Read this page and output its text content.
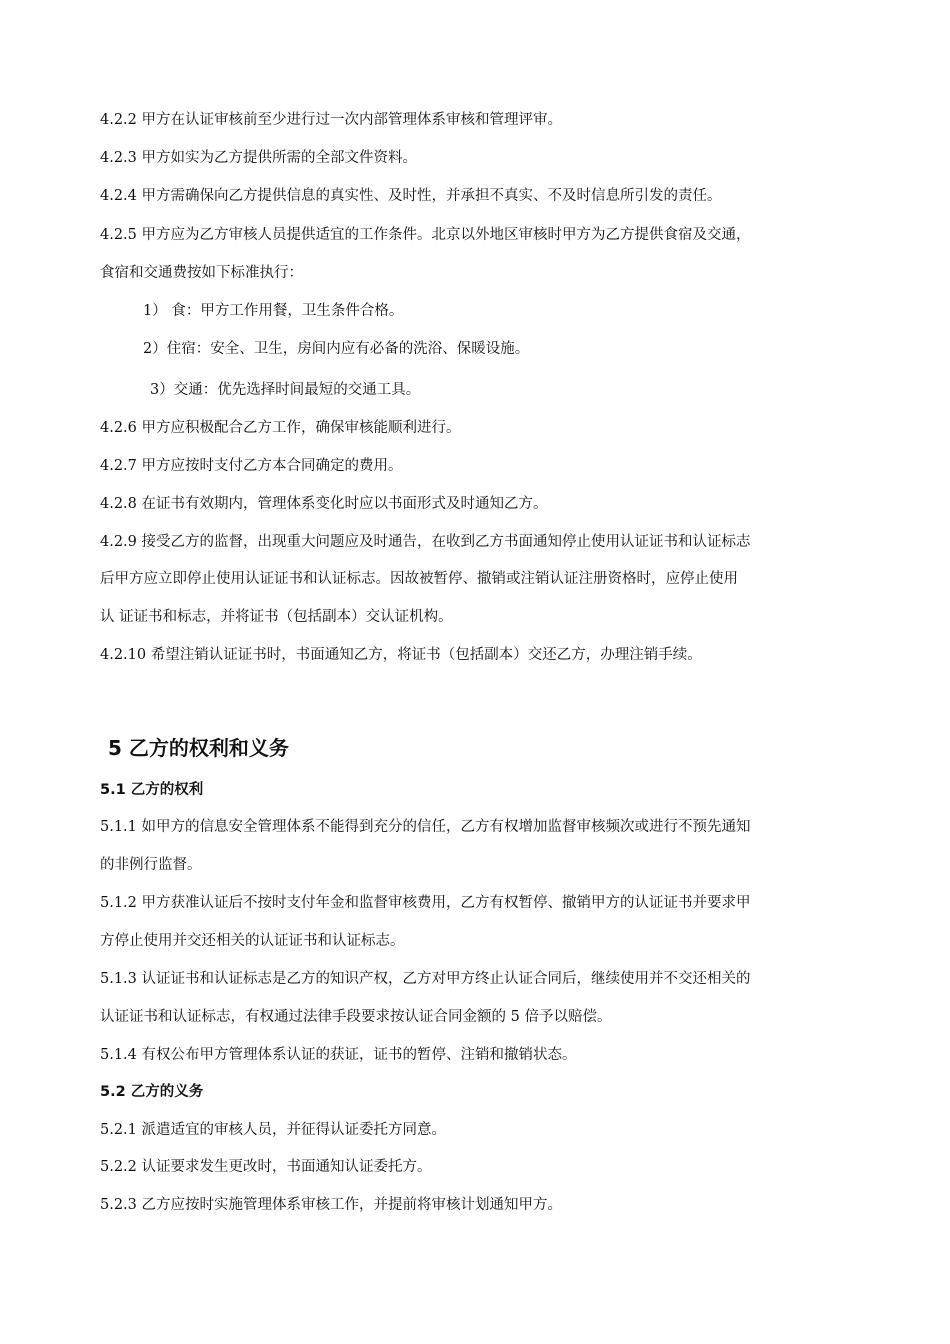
4.2.2 甲方在认证审核前至少进行过一次内部管理体系审核和管理评审。
4.2.3 甲方如实为乙方提供所需的全部文件资料。
4.2.4 甲方需确保向乙方提供信息的真实性、及时性，并承担不真实、不及时信息所引发的责任。
4.2.5 甲方应为乙方审核人员提供适宜的工作条件。北京以外地区审核时甲方为乙方提供食宿及交通，
食宿和交通费按如下标准执行：
1） 食：甲方工作用餐，卫生条件合格。
2）住宿：安全、卫生，房间内应有必备的洗浴、保暖设施。
3）交通：优先选择时间最短的交通工具。
4.2.6 甲方应积极配合乙方工作，确保审核能顺利进行。
4.2.7 甲方应按时支付乙方本合同确定的费用。
4.2.8 在证书有效期内，管理体系变化时应以书面形式及时通知乙方。
4.2.9 接受乙方的监督，出现重大问题应及时通告，在收到乙方书面通知停止使用认证证书和认证标志
后甲方应立即停止使用认证证书和认证标志。因故被暂停、撤销或注销认证注册资格时，应停止使用
认 证证书和标志，并将证书（包括副本）交认证机构。
4.2.10 希望注销认证证书时，书面通知乙方，将证书（包括副本）交还乙方，办理注销手续。
5 乙方的权利和义务
5.1 乙方的权利
5.1.1 如甲方的信息安全管理体系不能得到充分的信任，乙方有权增加监督审核频次或进行不预先通知
的非例行监督。
5.1.2 甲方获准认证后不按时支付年金和监督审核费用，乙方有权暂停、撤销甲方的认证证书并要求甲
方停止使用并交还相关的认证证书和认证标志。
5.1.3 认证证书和认证标志是乙方的知识产权，乙方对甲方终止认证合同后，继续使用并不交还相关的
认证证书和认证标志，有权通过法律手段要求按认证合同金额的 5 倍予以赔偿。
5.1.4 有权公布甲方管理体系认证的获证，证书的暂停、注销和撤销状态。
5.2 乙方的义务
5.2.1 派遣适宜的审核人员，并征得认证委托方同意。
5.2.2 认证要求发生更改时，书面通知认证委托方。
5.2.3 乙方应按时实施管理体系审核工作，并提前将审核计划通知甲方。
